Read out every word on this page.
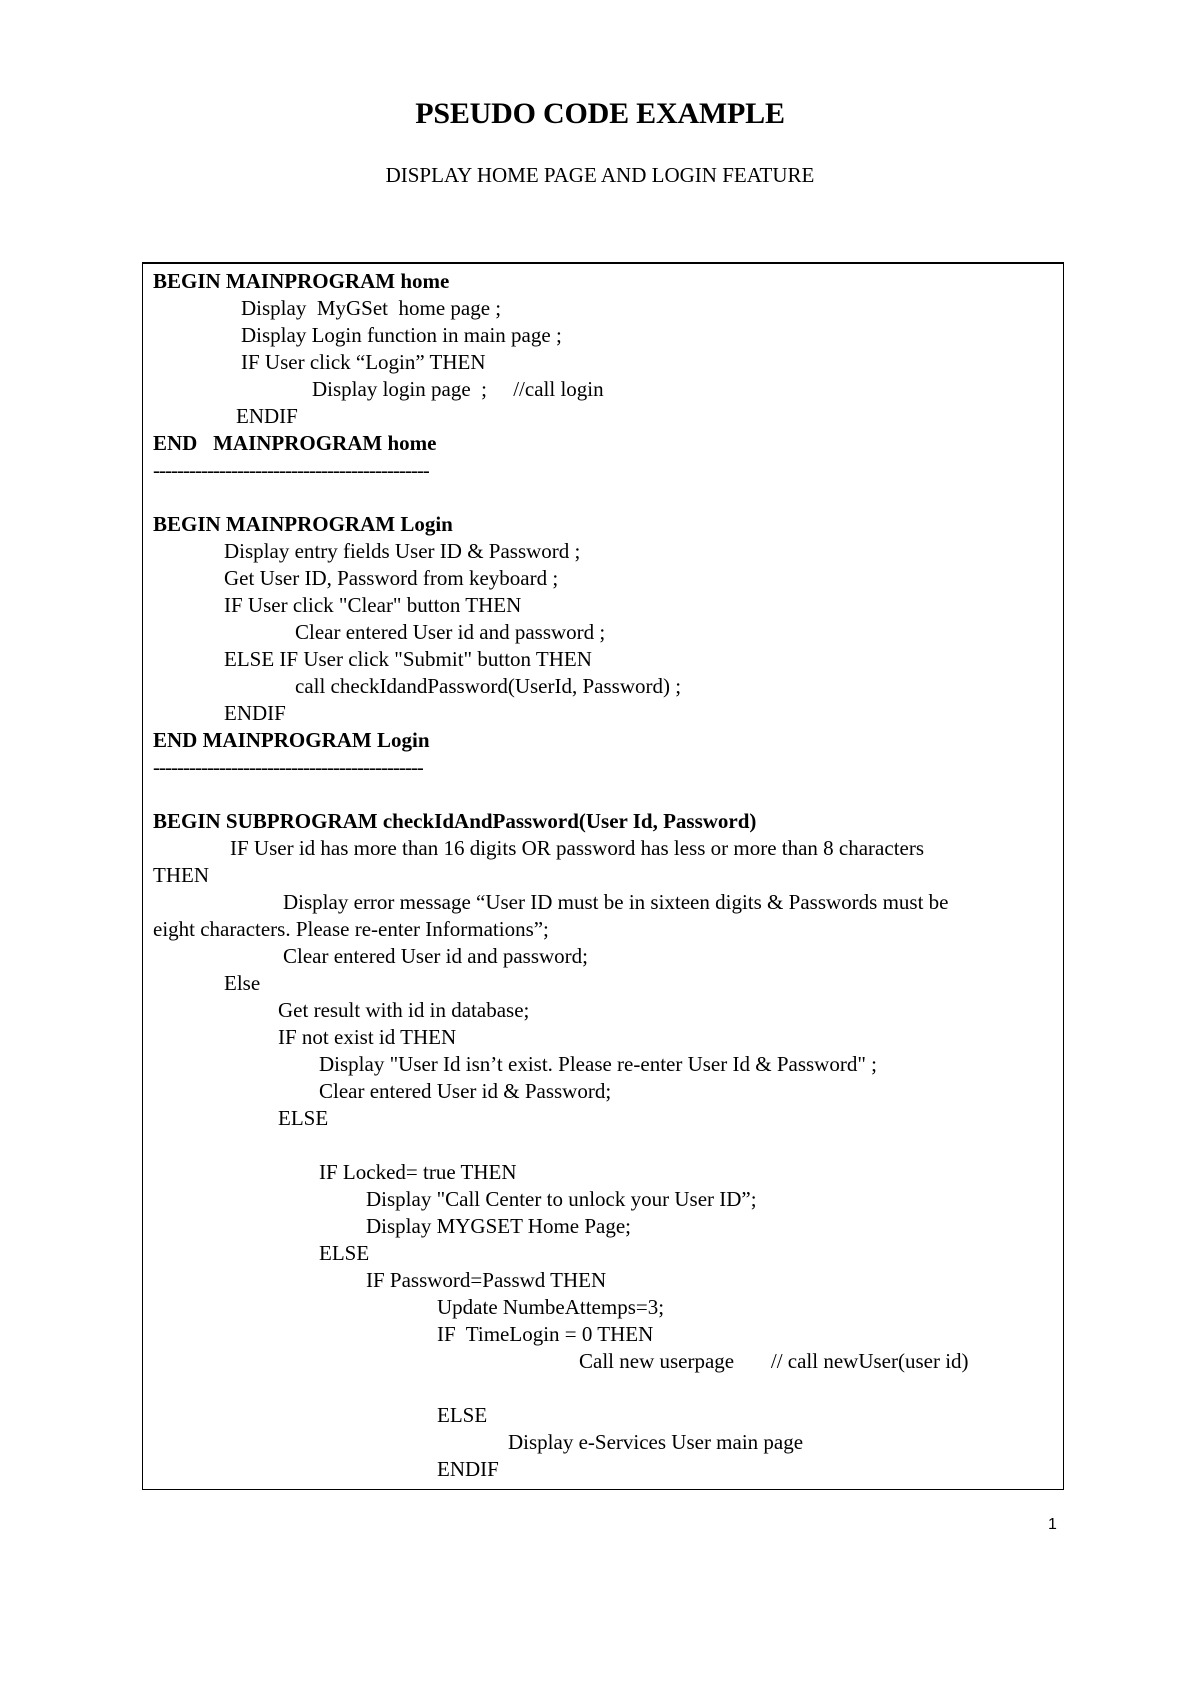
PSEUDO CODE EXAMPLE
DISPLAY HOME PAGE AND LOGIN FEATURE
BEGIN MAINPROGRAM home
Display  MyGSet  home page ;
Display Login function in main page ;
IF User click “Login” THEN
Display login page  ;     //call login
ENDIF
END   MAINPROGRAM home
----------------------------------------------
BEGIN MAINPROGRAM Login
Display entry fields User ID & Password ;
Get User ID, Password from keyboard ;
IF User click "Clear" button THEN
Clear entered User id and password ;
ELSE IF User click "Submit" button THEN
call checkIdandPassword(UserId, Password) ;
ENDIF
END MAINPROGRAM Login
---------------------------------------------
BEGIN SUBPROGRAM checkIdAndPassword(User Id, Password)
IF User id has more than 16 digits OR password has less or more than 8 characters
THEN
Display error message “User ID must be in sixteen digits & Passwords must be
eight characters. Please re-enter Informations”;
Clear entered User id and password;
Else
Get result with id in database;
IF not exist id THEN
Display "User Id isn’t exist. Please re-enter User Id & Password" ;
Clear entered User id & Password;
ELSE
IF Locked= true THEN
Display "Call Center to unlock your User ID”;
Display MYGSET Home Page;
ELSE
IF Password=Passwd THEN
Update NumbeAttemps=3;
IF  TimeLogin = 0 THEN
Call new userpage       // call newUser(user id)
ELSE
Display e-Services User main page
ENDIF
1
